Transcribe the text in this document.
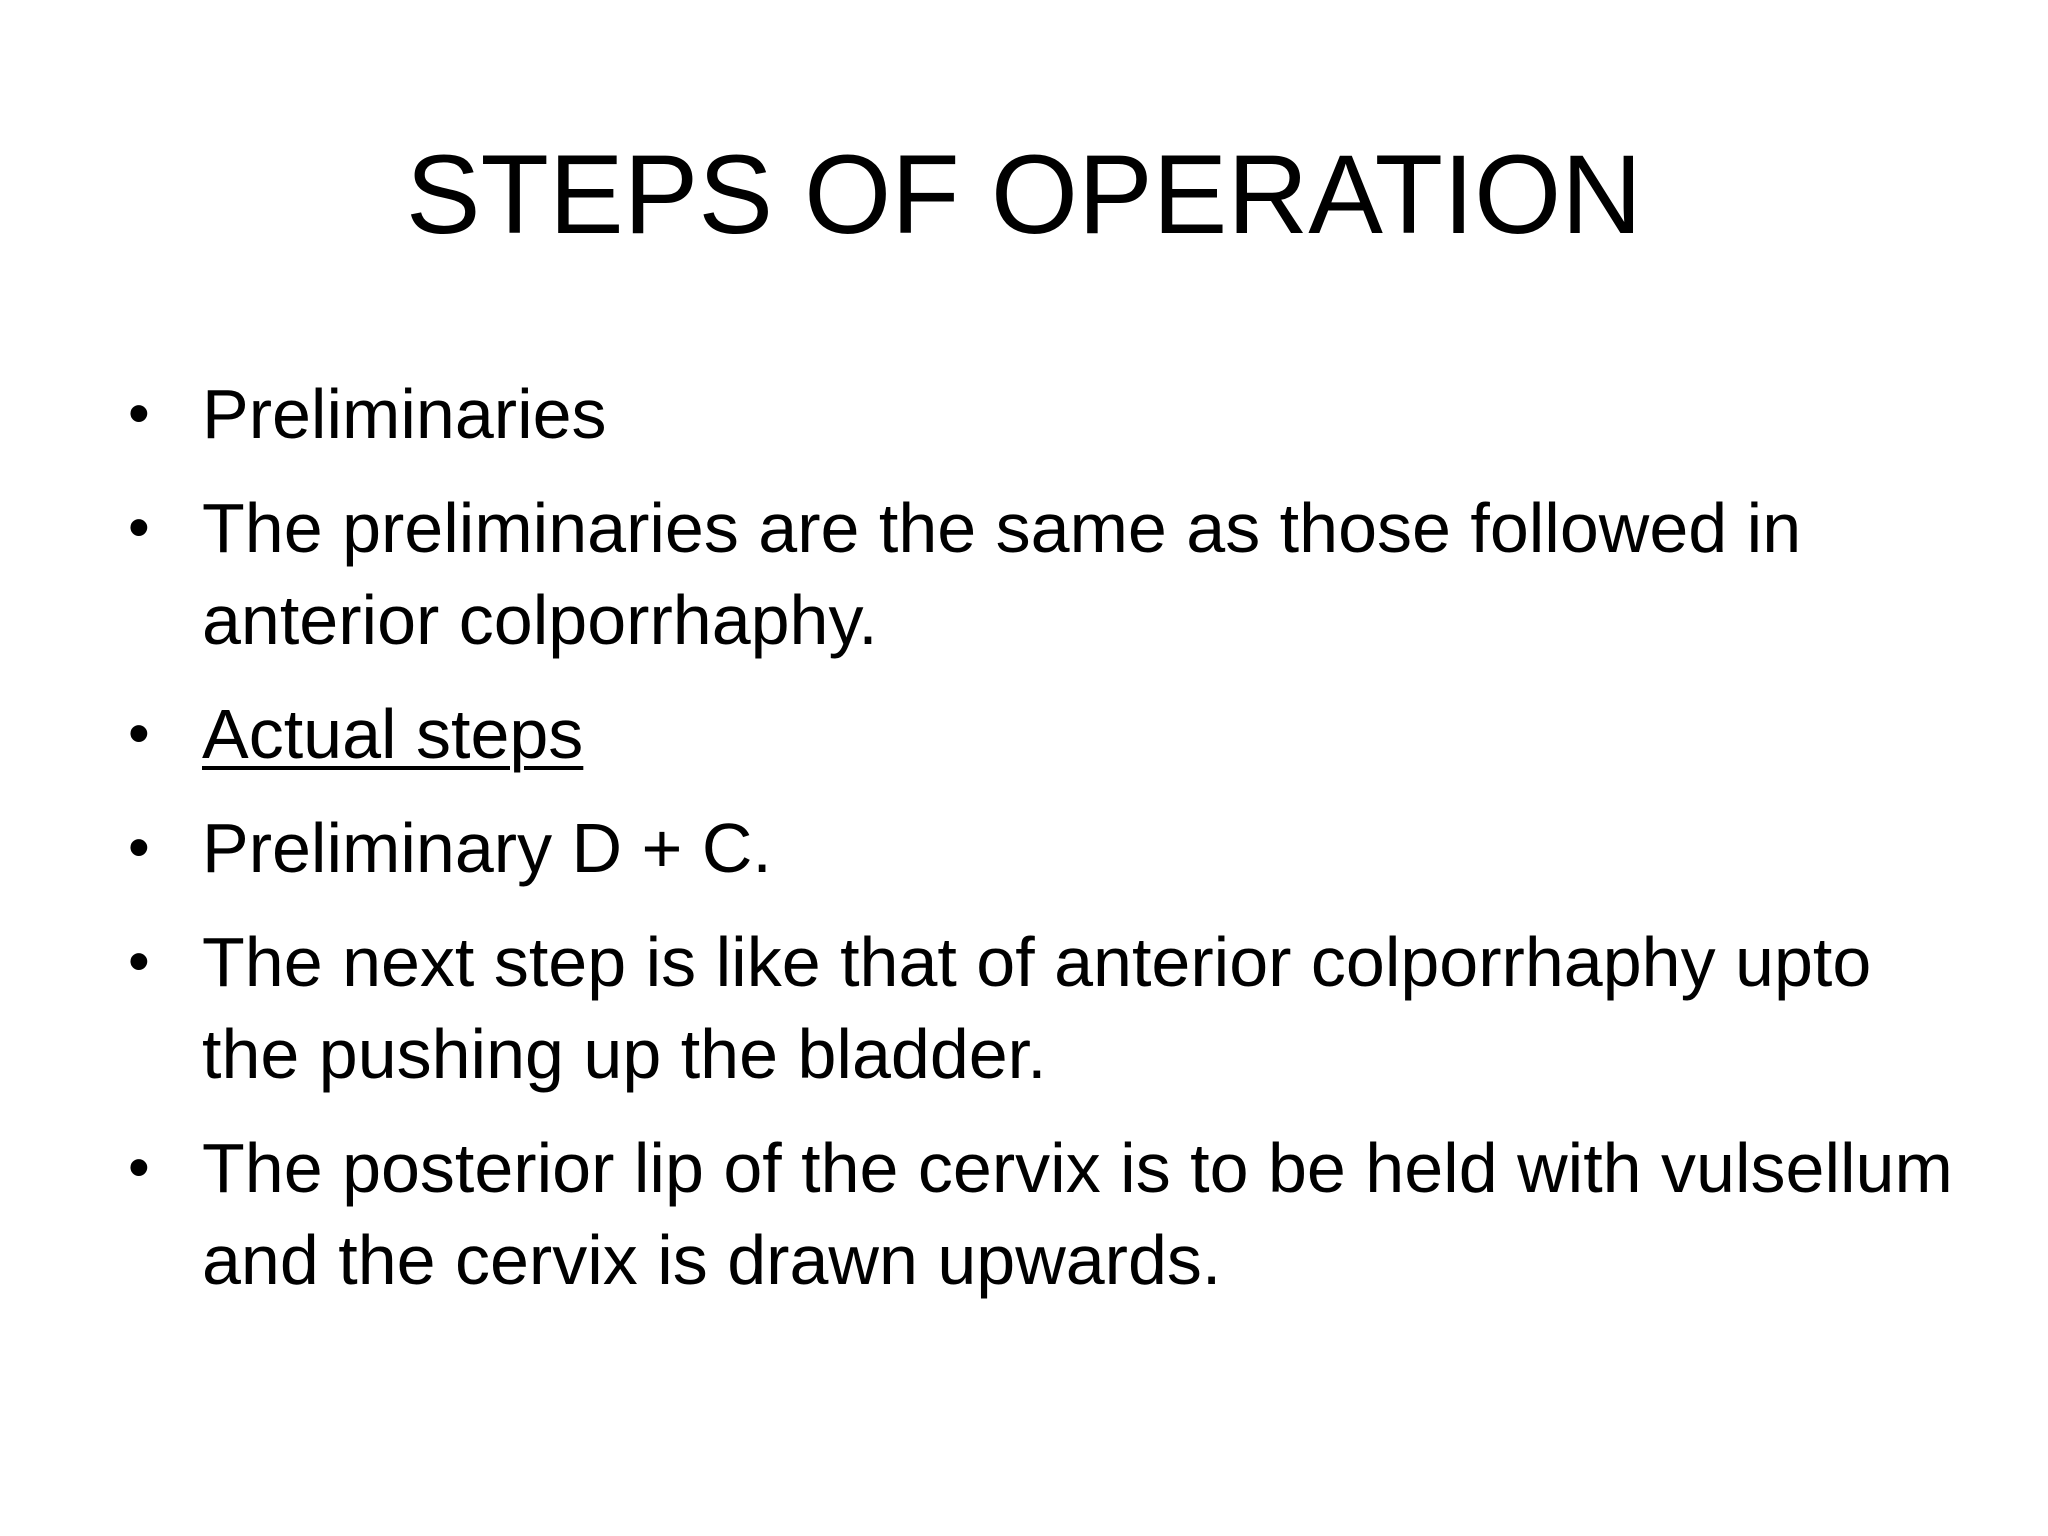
STEPS OF OPERATION
• Preliminaries
• The preliminaries are the same as those followed in anterior colporrhaphy.
• Actual steps
• Preliminary D + C.
• The next step is like that of anterior colporrhaphy upto the pushing up the bladder.
• The posterior lip of the cervix is to be held with vulsellum and the cervix is drawn upwards.
